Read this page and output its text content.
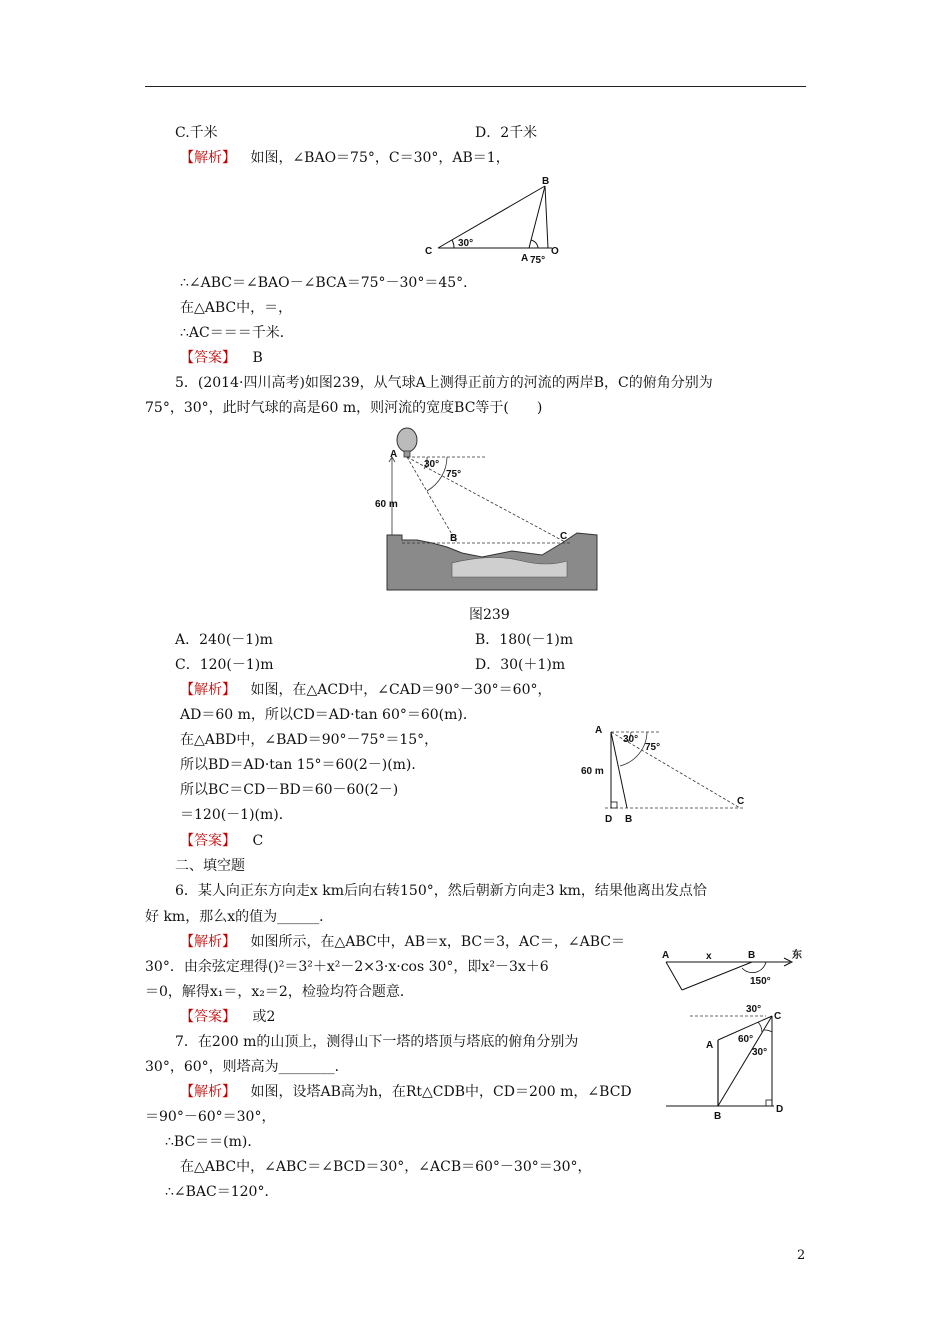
C.千米	D．2千米
【解析】 如图，∠BAO＝75°，C＝30°，AB＝1，
B
C
A
O
30°
75°
∴∠ABC＝∠BAO－∠BCA＝75°－30°＝45°．
在△ABC中，＝，
∴AC＝＝＝千米．
【答案】 B
5．(2014·四川高考)如图239，从气球A上测得正前方的河流的两岸B，C的俯角分别为
75°，30°，此时气球的高是60 m，则河流的宽度BC等于(　　)
A
60 m
30°
75°
B	C
图239
A．240(－1)m	B．180(－1)m
C．120(－1)m	D．30(＋1)m
【解析】 如图，在△ACD中，∠CAD＝90°－30°＝60°，
AD＝60 m，所以CD＝AD·tan 60°＝60(m)．
在△ABD中，∠BAD＝90°－75°＝15°，
所以BD＝AD·tan 15°＝60(2－)(m)．
所以BC＝CD－BD＝60－60(2－)
＝120(－1)(m)．
A
30°
75°
60 m
D B
C
【答案】 C
二、填空题
6．某人向正东方向走x km后向右转150°，然后朝新方向走3 km，结果他离出发点恰
好 km，那么x的值为______．
【解析】 如图所示，在△ABC中，AB＝x，BC＝3，AC＝，∠ABC＝
30°．由余弦定理得()²＝3²＋x²－2×3·x·cos 30°，即x²－3x＋6
＝0，解得x₁＝，x₂＝2，检验均符合题意．
A	x	B	东
150°
【答案】 或2
7．在200 m的山顶上，测得山下一塔的塔顶与塔底的俯角分别为
30°，60°，则塔高为________．
【解析】 如图，设塔AB高为h，在Rt△CDB中，CD＝200 m，∠BCD
＝90°－60°＝30°，
∴BC＝＝(m)．
在△ABC中，∠ABC＝∠BCD＝30°，∠ACB＝60°－30°＝30°，
∴∠BAC＝120°．
30°
C
A
60°
30°
B
D
2
